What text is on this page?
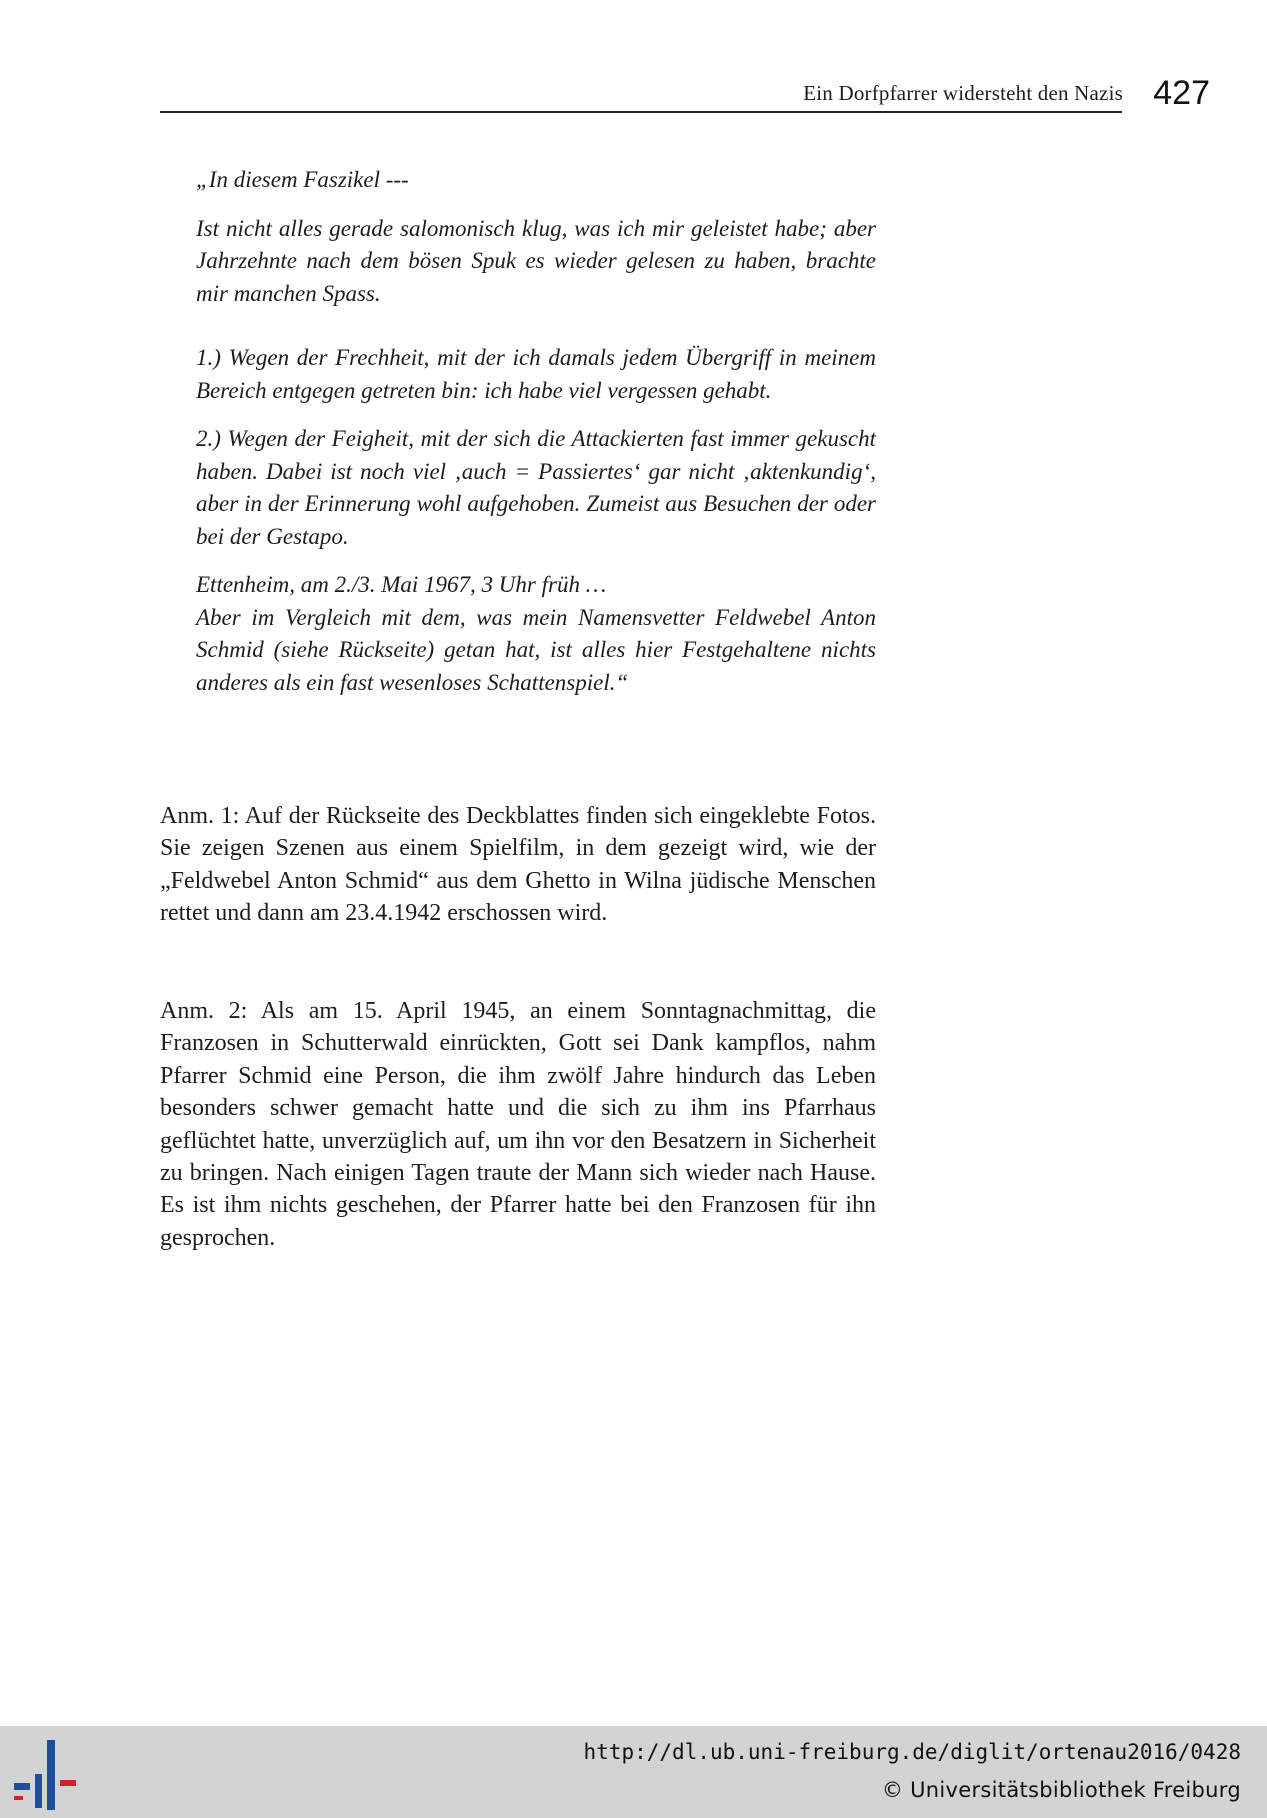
Ein Dorfpfarrer widersteht den Nazis 427

„In diesem Faszikel ---

Ist nicht alles gerade salomonisch klug, was ich mir geleistet habe; aber Jahrzehnte nach dem bösen Spuk es wieder gelesen zu haben, brachte mir manchen Spass.

1.) Wegen der Frechheit, mit der ich damals jedem Übergriff in meinem Bereich entgegen getreten bin: ich habe viel vergessen gehabt.

2.) Wegen der Feigheit, mit der sich die Attackierten fast immer gekuscht haben. Dabei ist noch viel ‚auch = Passiertes‘ gar nicht ‚aktenkundig‘, aber in der Erinnerung wohl aufgehoben. Zumeist aus Besuchen der oder bei der Gestapo.

Ettenheim, am 2./3. Mai 1967, 3 Uhr früh …

Aber im Vergleich mit dem, was mein Namensvetter Feldwebel Anton Schmid (siehe Rückseite) getan hat, ist alles hier Festgehaltene nichts anderes als ein fast wesenloses Schattenspiel.“

Anm. 1: Auf der Rückseite des Deckblattes finden sich eingeklebte Fotos. Sie zeigen Szenen aus einem Spielfilm, in dem gezeigt wird, wie der „Feldwebel Anton Schmid“ aus dem Ghetto in Wilna jüdische Menschen rettet und dann am 23.4.1942 erschossen wird.

Anm. 2: Als am 15. April 1945, an einem Sonntagnachmittag, die Franzosen in Schutterwald einrückten, Gott sei Dank kampflos, nahm Pfarrer Schmid eine Person, die ihm zwölf Jahre hindurch das Leben besonders schwer gemacht hatte und die sich zu ihm ins Pfarrhaus geflüchtet hatte, unverzüglich auf, um ihn vor den Besatzern in Sicherheit zu bringen. Nach einigen Tagen traute der Mann sich wieder nach Hause. Es ist ihm nichts geschehen, der Pfarrer hatte bei den Franzosen für ihn gesprochen.

http://dl.ub.uni-freiburg.de/diglit/ortenau2016/0428
© Universitätsbibliothek Freiburg
